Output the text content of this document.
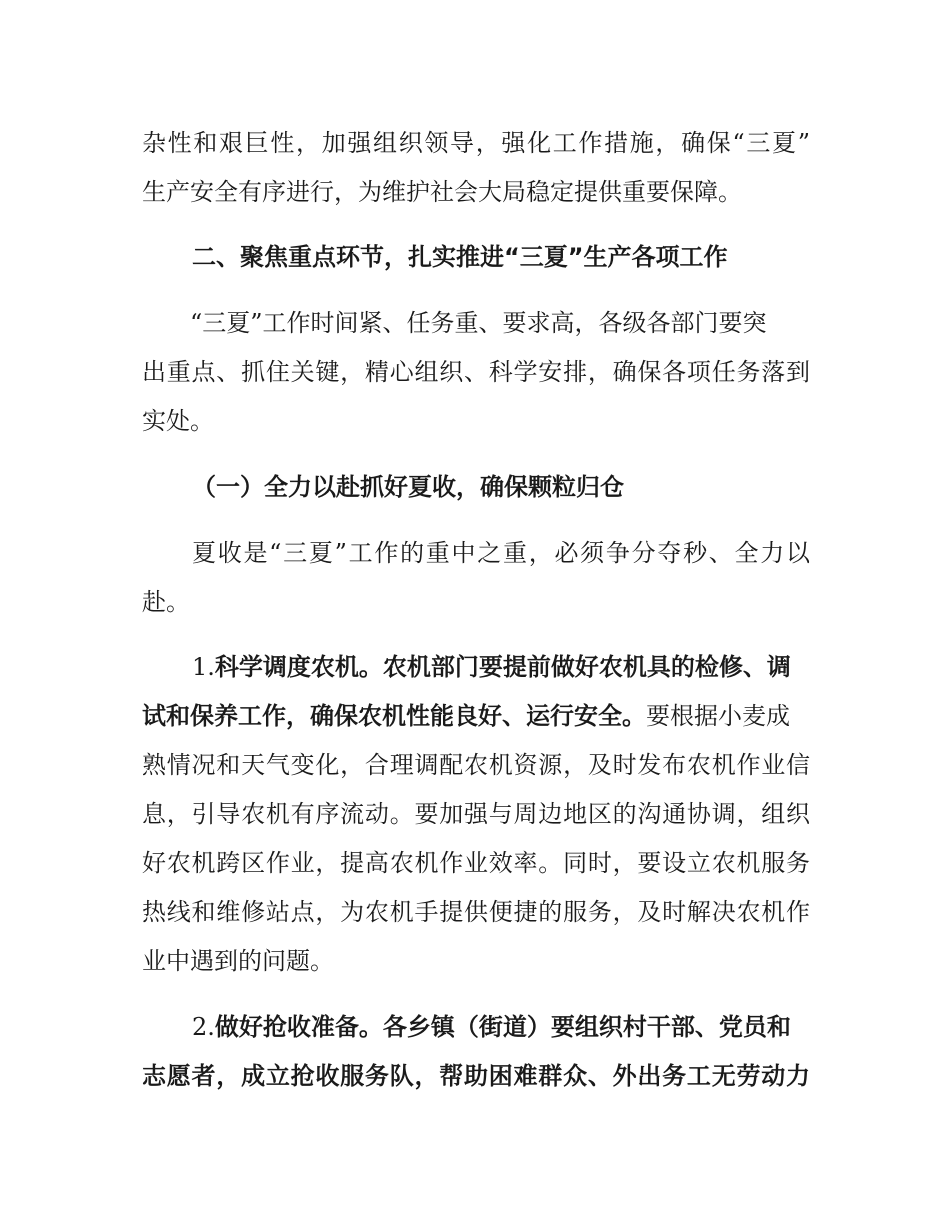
杂性和艰巨性，加强组织领导，强化工作措施，确保“三夏”
生产安全有序进行，为维护社会大局稳定提供重要保障。
二、聚焦重点环节，扎实推进“三夏”生产各项工作
“三夏”工作时间紧、任务重、要求高，各级各部门要突
出重点、抓住关键，精心组织、科学安排，确保各项任务落到
实处。
（一）全力以赴抓好夏收，确保颗粒归仓
夏收是“三夏”工作的重中之重，必须争分夺秒、全力以
赴。
1.科学调度农机。农机部门要提前做好农机具的检修、调
试和保养工作，确保农机性能良好、运行安全。要根据小麦成
熟情况和天气变化，合理调配农机资源，及时发布农机作业信
息，引导农机有序流动。要加强与周边地区的沟通协调，组织
好农机跨区作业，提高农机作业效率。同时，要设立农机服务
热线和维修站点，为农机手提供便捷的服务，及时解决农机作
业中遇到的问题。
2.做好抢收准备。各乡镇（街道）要组织村干部、党员和
志愿者，成立抢收服务队，帮助困难群众、外出务工无劳动力
